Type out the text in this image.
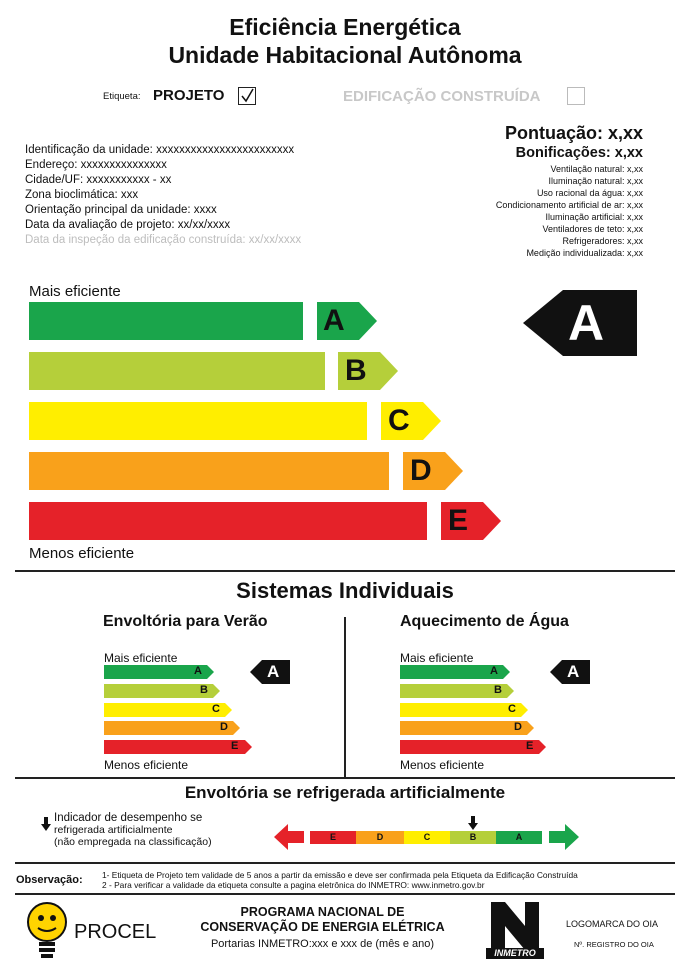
Eficiência Energética
Unidade Habitacional Autônoma
Etiqueta: PROJETO	EDIFICAÇÃO CONSTRUÍDA
Identificação da unidade: xxxxxxxxxxxxxxxxxxxxxxxx
Endereço: xxxxxxxxxxxxxxx
Cidade/UF: xxxxxxxxxxx - xx
Zona bioclimática: xxx
Orientação principal da unidade: xxxx
Data da avaliação de projeto: xx/xx/xxxx
Data da inspeção da edificação construída: xx/xx/xxxx
Pontuação: x,xx
Bonificações: x,xx
Ventilação natural: x,xx
Iluminação natural: x,xx
Uso racional da água: x,xx
Condicionamento artificial de ar: x,xx
Iluminação artificial: x,xx
Ventiladores de teto: x,xx
Refrigeradores: x,xx
Medição individualizada: x,xx
Mais eficiente
A
B
C
D
E
Menos eficiente
A
Sistemas Individuais
Envoltória para Verão	Aquecimento de Água
Mais eficiente
A
B
C
D
E
Menos eficiente
A
Mais eficiente
A
B
C
D
E
Menos eficiente
A
Envoltória se refrigerada artificialmente
Indicador de desempenho se
refrigerada artificialmente
(não empregada na classificação)	E	D	C	B	A
Observação: 1- Etiqueta de Projeto tem validade de 5 anos a partir da emissão e deve ser confirmada pela Etiqueta da Edificação Construída
2 - Para verificar a validade da etiqueta consulte a pagina eletrônica do INMETRO: www.inmetro.gov.br
PROCEL
PROGRAMA NACIONAL DE
CONSERVAÇÃO DE ENERGIA ELÉTRICA
Portarias INMETRO:xxx e xxx de (mês e ano)
INMETRO
LOGOMARCA DO OIA
Nº. REGISTRO DO OIA
